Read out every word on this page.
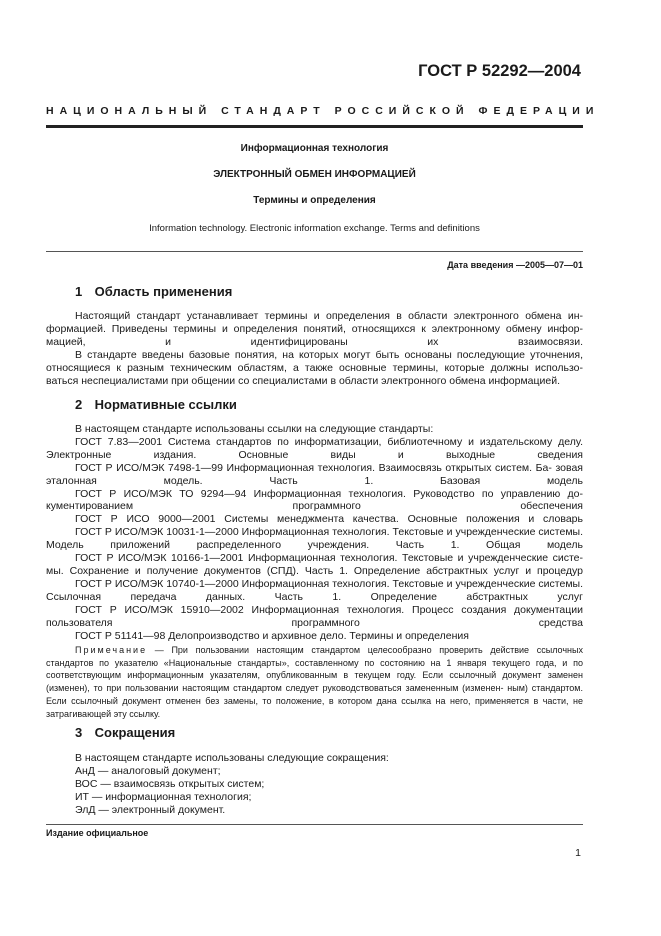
ГОСТ Р 52292—2004
НАЦИОНАЛЬНЫЙ СТАНДАРТ РОССИЙСКОЙ ФЕДЕРАЦИИ
Информационная технология
ЭЛЕКТРОННЫЙ ОБМЕН ИНФОРМАЦИЕЙ
Термины и определения
Information technology. Electronic information exchange. Terms and definitions
Дата введения —2005—07—01
1 Область применения

Настоящий стандарт устанавливает термины и определения в области электронного обмена ин- формацией. Приведены термины и определения понятий, относящихся к электронному обмену инфор- мацией, и идентифицированы их взаимосвязи.

В стандарте введены базовые понятия, на которых могут быть основаны последующие уточнения, относящиеся к разным техническим областям, а также основные термины, которые должны использо- ваться неспециалистами при общении со специалистами в области электронного обмена информацией.

2 Нормативные ссылки

В настоящем стандарте использованы ссылки на следующие стандарты:

ГОСТ 7.83—2001 Система стандартов по информатизации, библиотечному и издательскому делу. Электронные издания. Основные виды и выходные сведения

ГОСТ Р ИСО/МЭК 7498-1—99 Информационная технология. Взаимосвязь открытых систем. Ба- зовая эталонная модель. Часть 1. Базовая модель

ГОСТ Р ИСО/МЭК ТО 9294—94 Информационная технология. Руководство по управлению до- кументированием программного обеспечения

ГОСТ Р ИСО 9000—2001 Системы менеджмента качества. Основные положения и словарь

ГОСТ Р ИСО/МЭК 10031-1—2000 Информационная технология. Текстовые и учрежденческие системы. Модель приложений распределенного учреждения. Часть 1. Общая модель

ГОСТ Р ИСО/МЭК 10166-1—2001 Информационная технология. Текстовые и учрежденческие систе- мы. Сохранение и получение документов (СПД). Часть 1. Определение абстрактных услуг и процедур

ГОСТ Р ИСО/МЭК 10740-1—2000 Информационная технология. Текстовые и учрежденческие системы. Ссылочная передача данных. Часть 1. Определение абстрактных услуг

ГОСТ Р ИСО/МЭК 15910—2002 Информационная технология. Процесс создания документации пользователя программного средства

ГОСТ Р 51141—98 Делопроизводство и архивное дело. Термины и определения

Примечание — При пользовании настоящим стандартом целесообразно проверить действие ссылочных стандартов по указателю «Национальные стандарты», составленному по состоянию на 1 января текущего года, и по соответствующим информационным указателям, опубликованным в текущем году. Если ссылочный документ заменен (изменен), то при пользовании настоящим стандартом следует руководствоваться замененным (изменен- ным) стандартом. Если ссылочный документ отменен без замены, то положение, в котором дана ссылка на него, применяется в части, не затрагивающей эту ссылку.

3 Сокращения

В настоящем стандарте использованы следующие сокращения:

АнД — аналоговый документ;

ВОС — взаимосвязь открытых систем;

ИТ — информационная технология;

ЭлД — электронный документ.

Издание официальное
1
